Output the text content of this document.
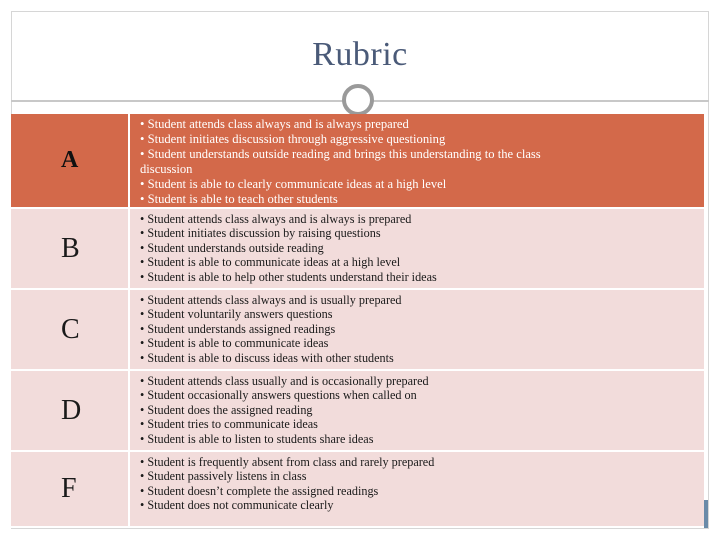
Rubric
A
• Student attends class always and is always prepared
• Student initiates discussion through aggressive questioning
• Student understands outside reading and brings this understanding to the class
discussion
• Student is able to clearly communicate ideas at a high level
• Student is able to teach other students
B
• Student attends class always and is always is prepared
• Student initiates discussion by raising questions
• Student understands outside reading
• Student is able to communicate ideas at a high level
• Student is able to help other students understand their ideas
C
• Student attends class always and is usually prepared
• Student voluntarily answers questions
• Student understands assigned readings
• Student is able to communicate ideas
• Student is able to discuss ideas with other students
D
• Student attends class usually and is occasionally prepared
• Student occasionally answers questions when called on
• Student does the assigned reading
• Student tries to communicate ideas
• Student is able to listen to students share ideas
F
• Student is frequently absent from class and rarely prepared
• Student passively listens in class
• Student doesn’t complete the assigned readings
• Student does not communicate clearly
